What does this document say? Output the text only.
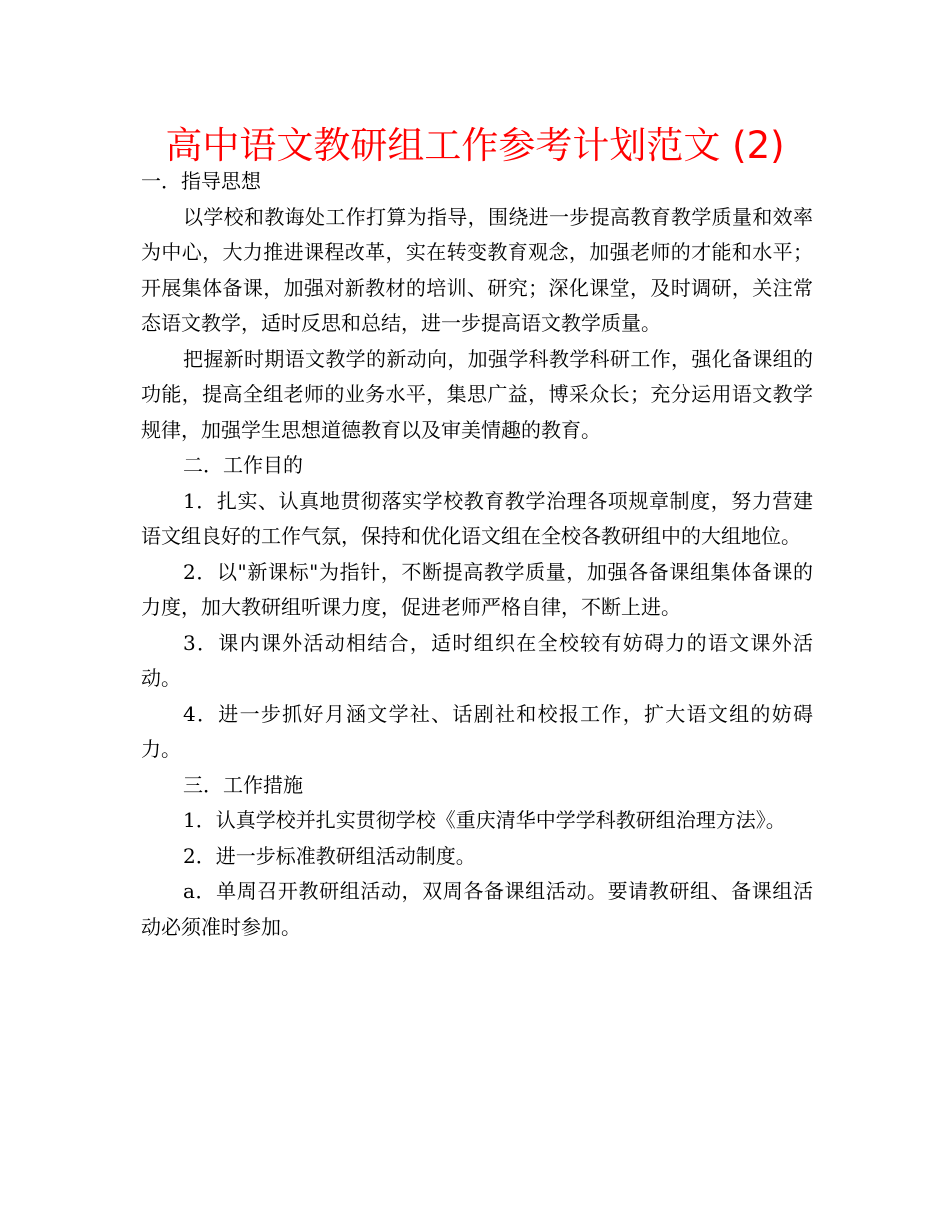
高中语文教研组工作参考计划范文 (2)

一．指导思想

以学校和教诲处工作打算为指导，围绕进一步提高教育教学质量和效率为中心，大力推进课程改革，实在转变教育观念，加强老师的才能和水平；开展集体备课，加强对新教材的培训、研究；深化课堂，及时调研，关注常态语文教学，适时反思和总结，进一步提高语文教学质量。

把握新时期语文教学的新动向，加强学科教学科研工作，强化备课组的功能，提高全组老师的业务水平，集思广益，博采众长；充分运用语文教学规律，加强学生思想道德教育以及审美情趣的教育。

二．工作目的

1．扎实、认真地贯彻落实学校教育教学治理各项规章制度，努力营建语文组良好的工作气氛，保持和优化语文组在全校各教研组中的大组地位。

2．以"新课标"为指针，不断提高教学质量，加强各备课组集体备课的力度，加大教研组听课力度，促进老师严格自律，不断上进。

3．课内课外活动相结合，适时组织在全校较有妨碍力的语文课外活动。

4．进一步抓好月涵文学社、话剧社和校报工作，扩大语文组的妨碍力。

三．工作措施

1．认真学校并扎实贯彻学校《重庆清华中学学科教研组治理方法》。

2．进一步标准教研组活动制度。

a．单周召开教研组活动，双周各备课组活动。要请教研组、备课组活动必须准时参加。
